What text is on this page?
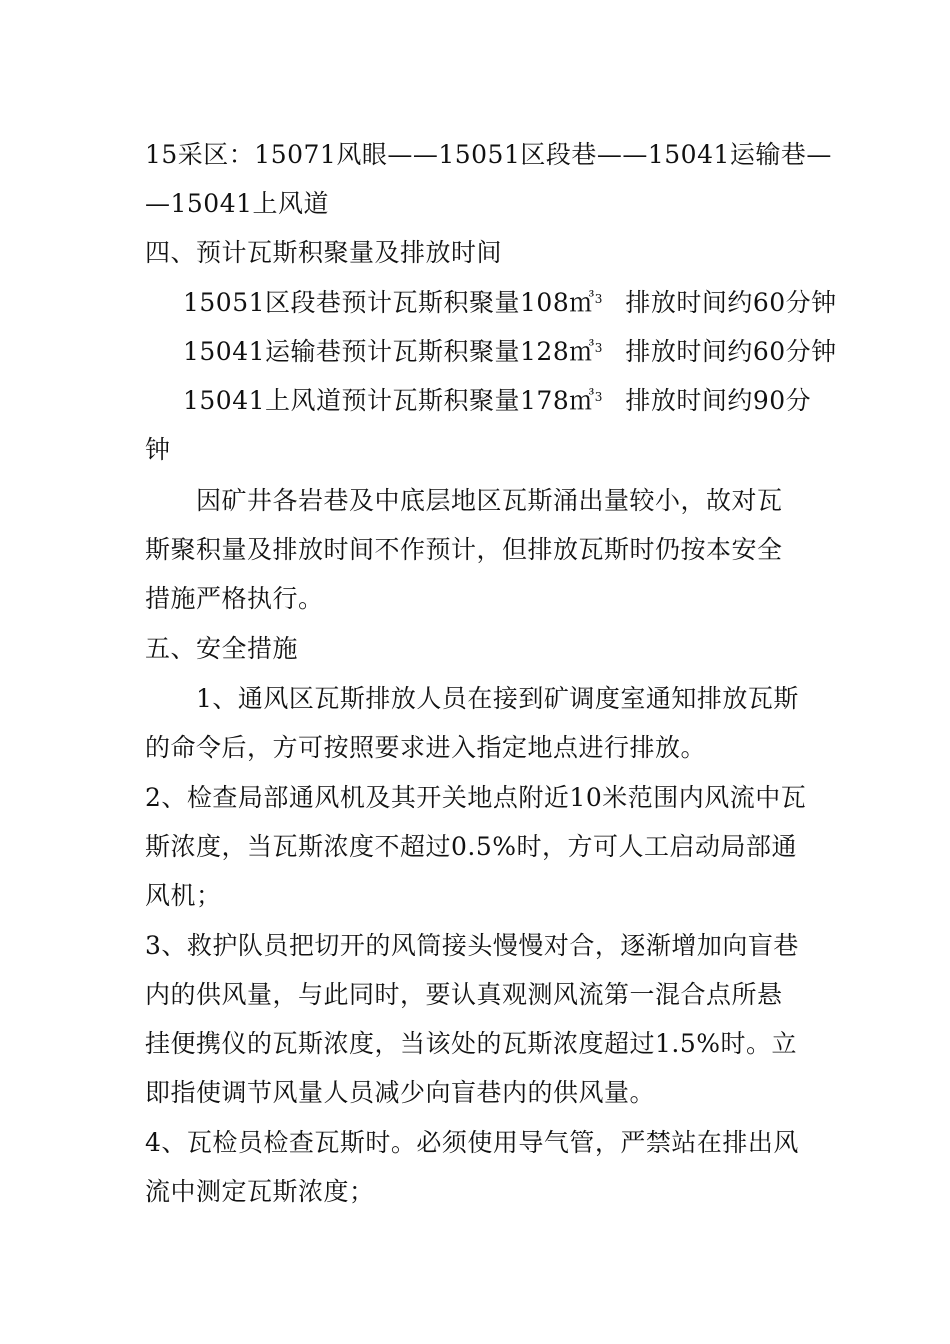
15采区：15071风眼——15051区段巷——15041运输巷—
—15041上风道
四、预计瓦斯积聚量及排放时间
15051区段巷预计瓦斯积聚量108㎥$^3$ 排放时间约60分钟
15041运输巷预计瓦斯积聚量128㎥$^3$ 排放时间约60分钟
15041上风道预计瓦斯积聚量178㎥$^3$ 排放时间约90分
钟
因矿井各岩巷及中底层地区瓦斯涌出量较小，故对瓦
斯聚积量及排放时间不作预计，但排放瓦斯时仍按本安全
措施严格执行。
五、安全措施
1、通风区瓦斯排放人员在接到矿调度室通知排放瓦斯
的命令后，方可按照要求进入指定地点进行排放。
2、检查局部通风机及其开关地点附近10米范围内风流中瓦
斯浓度，当瓦斯浓度不超过0.5%时，方可人工启动局部通
风机；
3、救护队员把切开的风筒接头慢慢对合，逐渐增加向盲巷
内的供风量，与此同时，要认真观测风流第一混合点所悬
挂便携仪的瓦斯浓度，当该处的瓦斯浓度超过1.5%时。立
即指使调节风量人员减少向盲巷内的供风量。
4、瓦检员检查瓦斯时。必须使用导气管，严禁站在排出风
流中测定瓦斯浓度；
